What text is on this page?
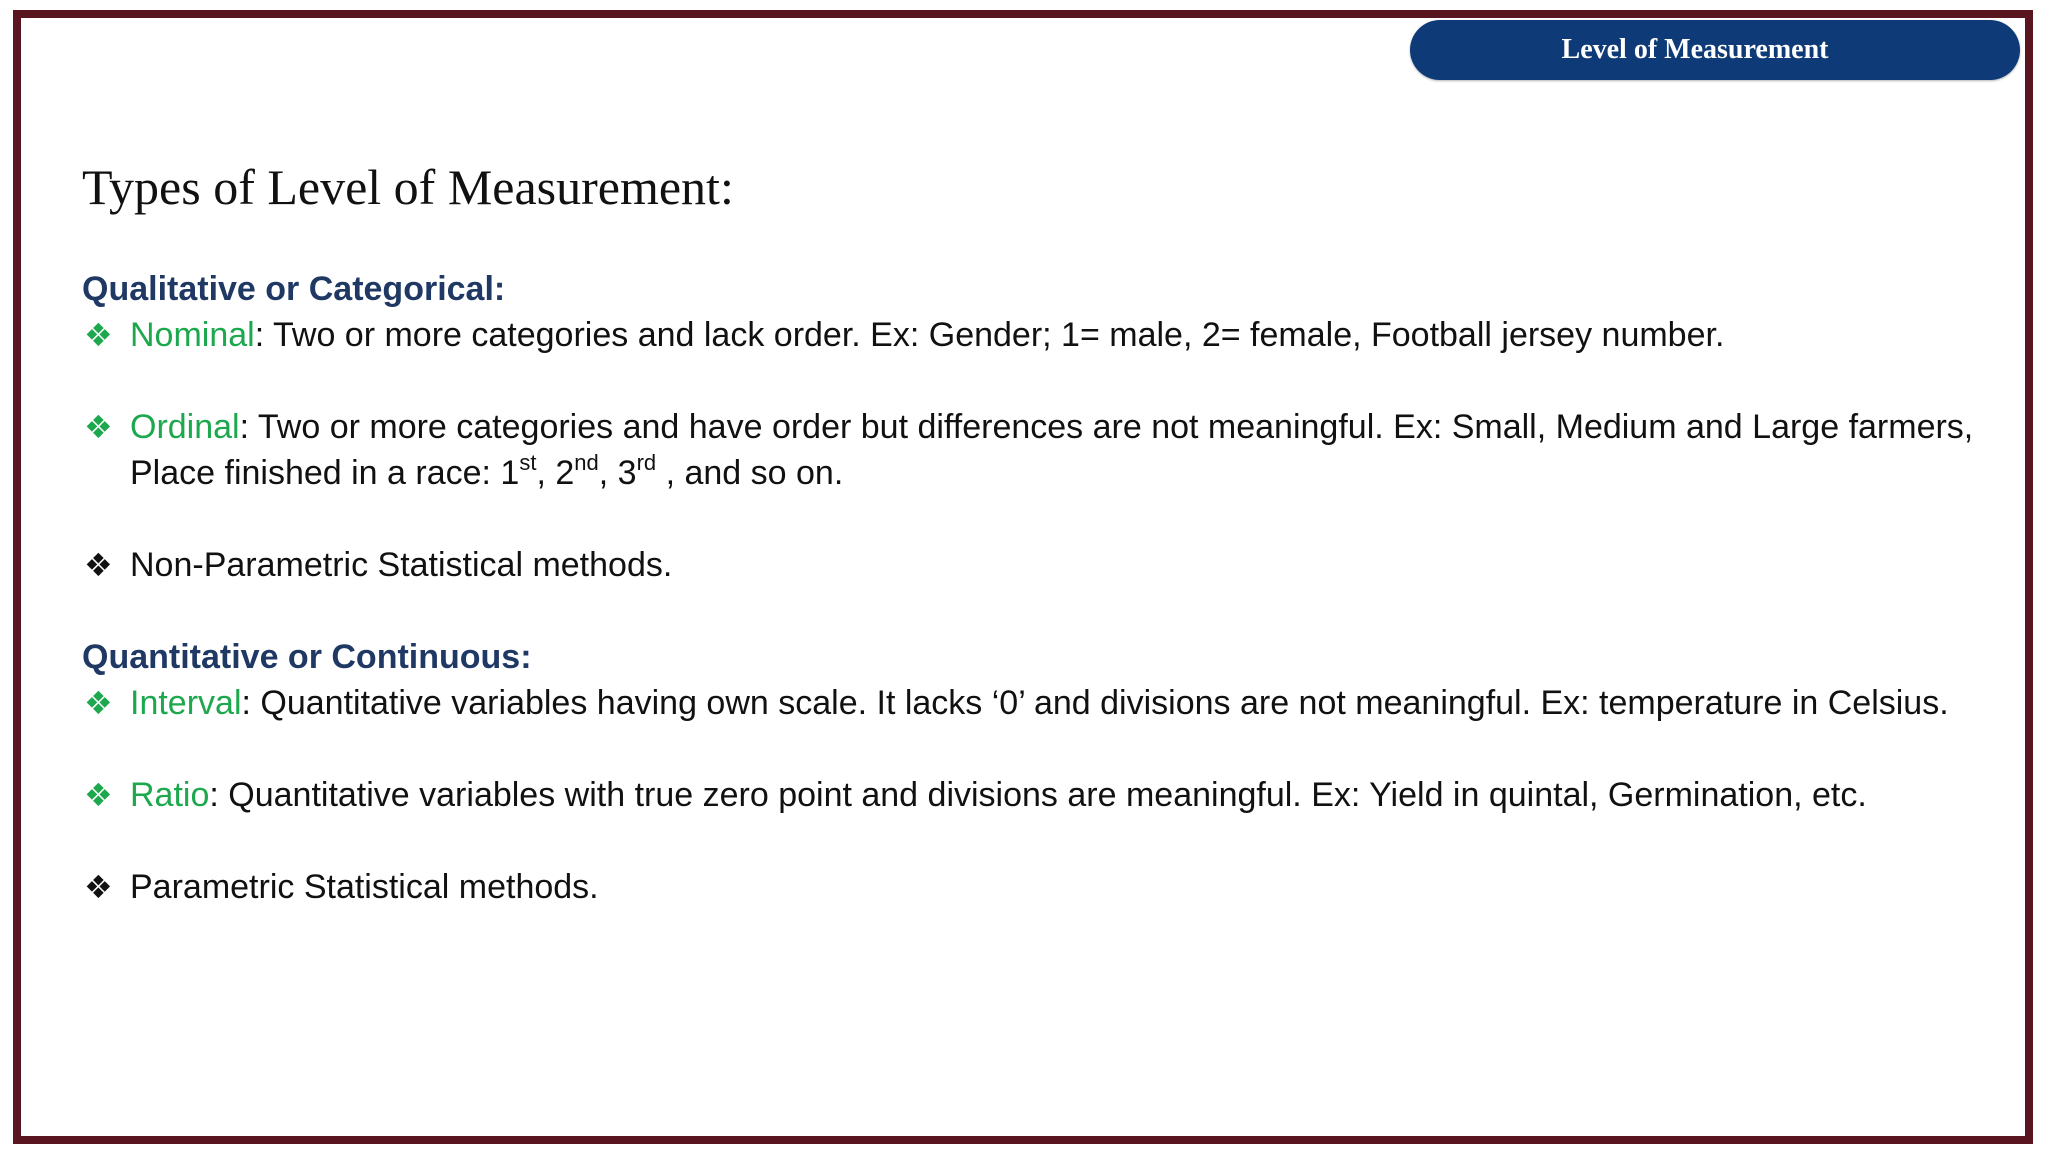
Level of Measurement
Types of Level of Measurement:
Qualitative or Categorical:
❖ Nominal: Two or more categories and lack order. Ex: Gender; 1= male, 2= female, Football jersey number.
❖ Ordinal: Two or more categories and have order but differences are not meaningful. Ex: Small, Medium and Large farmers, Place finished in a race: 1st, 2nd, 3rd , and so on.
❖ Non-Parametric Statistical methods.
Quantitative or Continuous:
❖ Interval: Quantitative variables having own scale. It lacks ‘0’ and divisions are not meaningful. Ex: temperature in Celsius.
❖ Ratio: Quantitative variables with true zero point and divisions are meaningful. Ex: Yield in quintal, Germination, etc.
❖ Parametric Statistical methods.
